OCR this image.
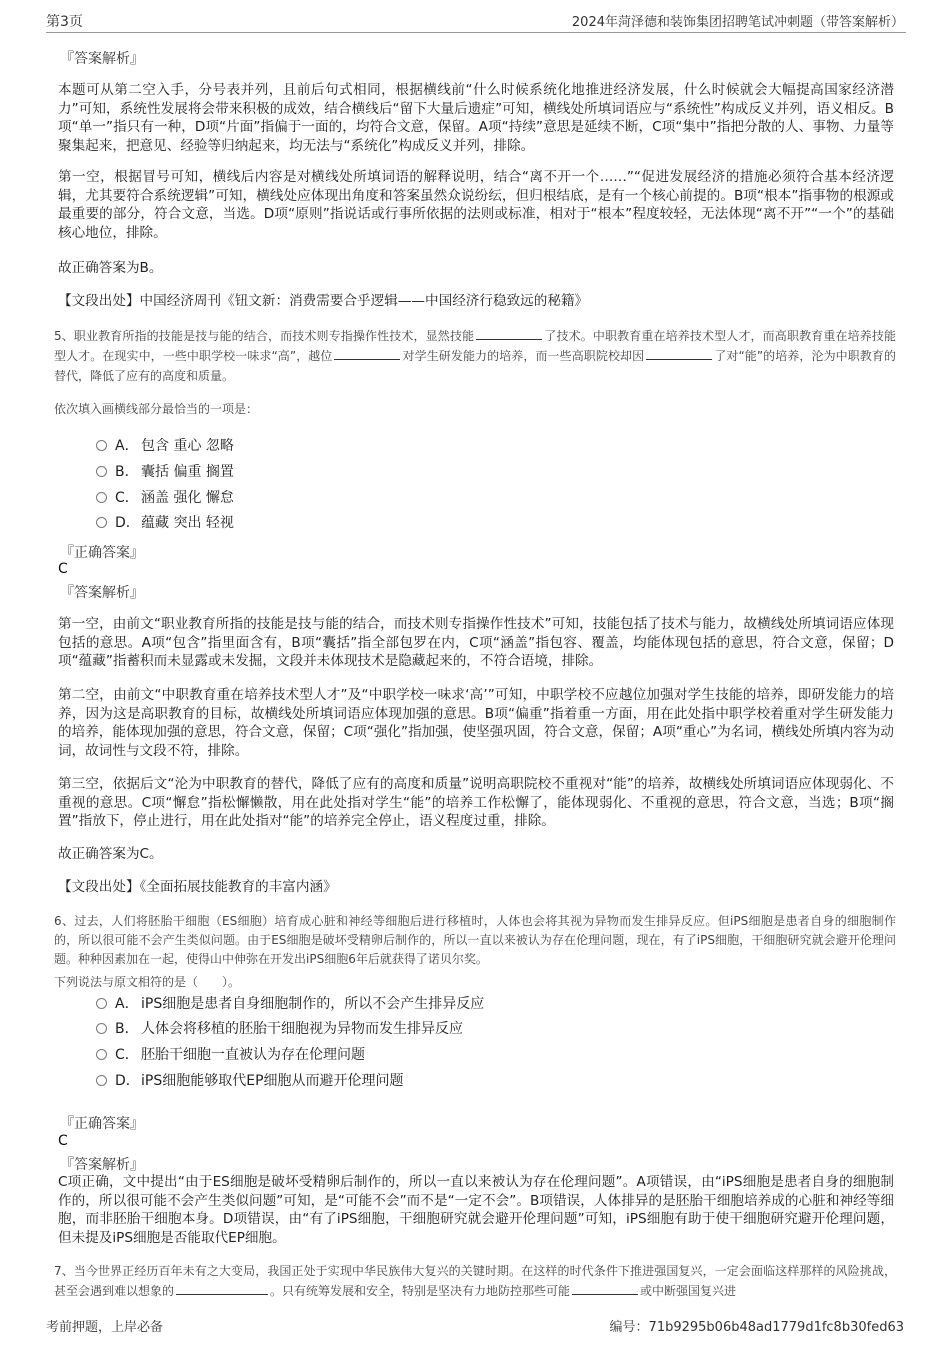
第3页	2024年菏泽德和装饰集团招聘笔试冲刺题（带答案解析）
『答案解析』
本题可从第二空入手，分号表并列，且前后句式相同，根据横线前“什么时候系统化地推进经济发展，什么时候就会大幅提高国家经济潜力”可知，系统性发展将会带来积极的成效，结合横线后“留下大量后遗症”可知，横线处所填词语应与“系统性”构成反义并列，语义相反。B项“单一”指只有一种，D项“片面”指偏于一面的，均符合文意，保留。A项“持续”意思是延续不断，C项“集中”指把分散的人、事物、力量等聚集起来，把意见、经验等归纳起来，均无法与“系统化”构成反义并列，排除。
第一空，根据冒号可知，横线后内容是对横线处所填词语的解释说明，结合“离不开一个……”“促进发展经济的措施必须符合基本经济逻辑，尤其要符合系统逻辑”可知，横线处应体现出角度和答案虽然众说纷纭，但归根结底，是有一个核心前提的。B项“根本”指事物的根源或最重要的部分，符合文意，当选。D项“原则”指说话或行事所依据的法则或标准，相对于“根本”程度较轻，无法体现“离不开”“一个”的基础核心地位，排除。
故正确答案为B。
【文段出处】中国经济周刊《钮文新：消费需要合乎逻辑——中国经济行稳致远的秘籍》
5、职业教育所指的技能是技与能的结合，而技术则专指操作性技术，显然技能	了技术。中职教育重在培养技术型人才，而高职教育重在培养技能型人才。在现实中，一些中职学校一味求“高”，越位	对学生研发能力的培养，而一些高职院校却因	了对“能”的培养，沦为中职教育的替代，降低了应有的高度和质量。
依次填入画横线部分最恰当的一项是：
A． 包含 重心 忽略
B． 囊括 偏重 搁置
C． 涵盖 强化 懈怠
D．蕴藏 突出 轻视
『正确答案』
C
『答案解析』
第一空，由前文“职业教育所指的技能是技与能的结合，而技术则专指操作性技术”可知，技能包括了技术与能力，故横线处所填词语应体现包括的意思。A项“包含”指里面含有，B项“囊括”指全部包罗在内，C项“涵盖”指包容、覆盖，均能体现包括的意思，符合文意，保留；D项“蕴藏”指蓄积而未显露或未发掘，文段并未体现技术是隐藏起来的，不符合语境，排除。
第二空，由前文“中职教育重在培养技术型人才”及“中职学校一味求‘高’”可知，中职学校不应越位加强对学生技能的培养，即研发能力的培养，因为这是高职教育的目标，故横线处所填词语应体现加强的意思。B项“偏重”指着重一方面，用在此处指中职学校着重对学生研发能力的培养，能体现加强的意思，符合文意，保留；C项“强化”指加强，使坚强巩固，符合文意，保留；A项“重心”为名词，横线处所填内容为动词，故词性与文段不符，排除。
第三空，依据后文“沦为中职教育的替代，降低了应有的高度和质量”说明高职院校不重视对“能”的培养，故横线处所填词语应体现弱化、不重视的意思。C项“懈怠”指松懈懒散，用在此处指对学生“能”的培养工作松懈了，能体现弱化、不重视的意思，符合文意，当选；B项“搁置”指放下，停止进行，用在此处指对“能”的培养完全停止，语义程度过重，排除。
故正确答案为C。
【文段出处】《全面拓展技能教育的丰富内涵》
6、过去，人们将胚胎干细胞（ES细胞）培育成心脏和神经等细胞后进行移植时，人体也会将其视为异物而发生排异反应。但iPS细胞是患者自身的细胞制作的，所以很可能不会产生类似问题。由于ES细胞是破坏受精卵后制作的，所以一直以来被认为存在伦理问题，现在，有了iPS细胞，干细胞研究就会避开伦理问题。种种因素加在一起，使得山中伸弥在开发出iPS细胞6年后就获得了诺贝尔奖。
下列说法与原文相符的是（　　）。
A． iPS细胞是患者自身细胞制作的，所以不会产生排异反应
B． 人体会将移植的胚胎干细胞视为异物而发生排异反应
C． 胚胎干细胞一直被认为存在伦理问题
D．iPS细胞能够取代EP细胞从而避开伦理问题
『正确答案』
C
『答案解析』
C项正确，文中提出“由于ES细胞是破坏受精卵后制作的，所以一直以来被认为存在伦理问题”。A项错误，由“iPS细胞是患者自身的细胞制作的，所以很可能不会产生类似问题”可知，是“可能不会”而不是“一定不会”。B项错误，人体排异的是胚胎干细胞培养成的心脏和神经等细胞，而非胚胎干细胞本身。D项错误，由“有了iPS细胞，干细胞研究就会避开伦理问题”可知，iPS细胞有助于使干细胞研究避开伦理问题，但未提及iPS细胞是否能取代EP细胞。
7、当今世界正经历百年未有之大变局，我国正处于实现中华民族伟大复兴的关键时期。在这样的时代条件下推进强国复兴，一定会面临这样那样的风险挑战，甚至会遇到难以想象的	。只有统筹发展和安全，特别是坚决有力地防控那些可能	或中断强国复兴进
考前押题，上岸必备	编号：71b9295b06b48ad1779d1fc8b30fed63
